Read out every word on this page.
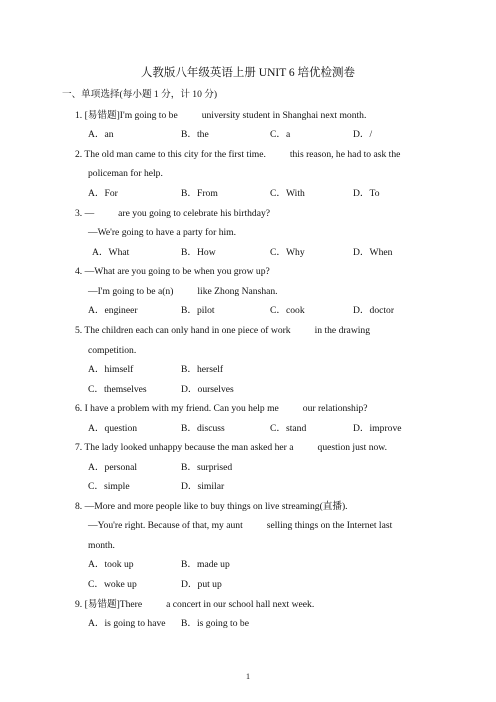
人教版八年级英语上册 UNIT 6 培优检测卷
一、单项选择(每小题 1 分，计 10 分)
1. [易错题]I'm going to be          university student in Shanghai next month.
A．an	B．the	C．a	D．/
2. The old man came to this city for the first time.          this reason, he had to ask the
policeman for help.
A．For	B．From	C．With	D．To
3. —          are you going to celebrate his birthday?
—We're going to have a party for him.
A．What	B．How	C．Why	D．When
4. —What are you going to be when you grow up?
—I'm going to be a(n)          like Zhong Nanshan.
A．engineer	B．pilot	C．cook	D．doctor
5. The children each can only hand in one piece of work          in the drawing
competition.
A．himself	B．herself
C．themselves	D．ourselves
6. I have a problem with my friend. Can you help me          our relationship?
A．question	B．discuss	C．stand	D．improve
7. The lady looked unhappy because the man asked her a          question just now.
A．personal	B．surprised
C．simple	D．similar
8. —More and more people like to buy things on live streaming(直播).
—You're right. Because of that, my aunt          selling things on the Internet last
month.
A．took up	B．made up
C．woke up	D．put up
9. [易错题]There          a concert in our school hall next week.
A．is going to have B．is going to be
1
